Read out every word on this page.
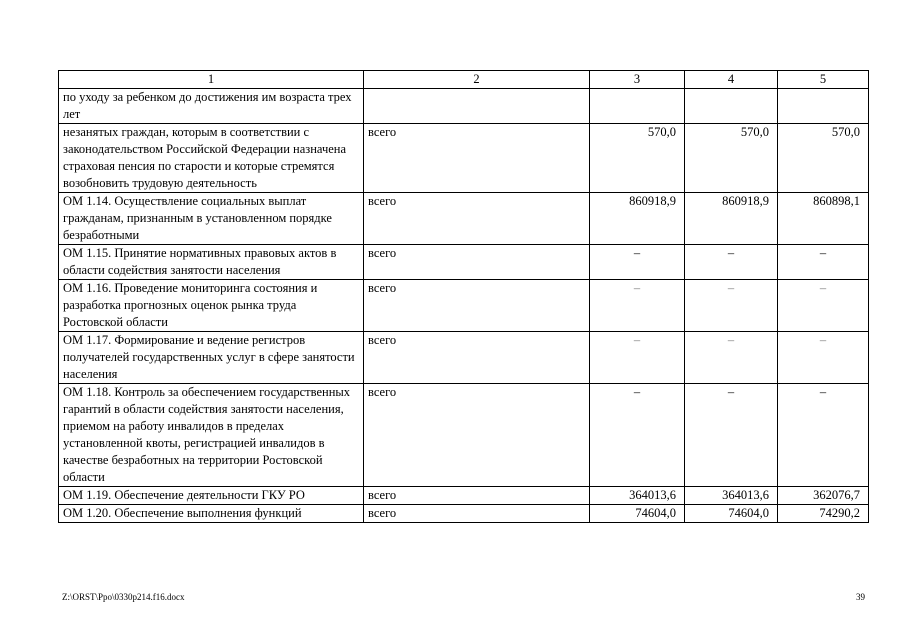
1	2	3	4	5
по уходу за ребенком до достижения им возраста трех лет				
незанятых граждан, которым в соответствии с законодательством Российской Федерации назначена страховая пенсия по старости и которые стремятся возобновить трудовую деятельность	всего	570,0	570,0	570,0
ОМ 1.14. Осуществление социальных выплат гражданам, признанным в установленном порядке безработными	всего	860918,9	860918,9	860898,1
ОМ 1.15. Принятие нормативных правовых актов в области содействия занятости населения	всего	–	–	–
ОМ 1.16. Проведение мониторинга состояния и разработка прогнозных оценок рынка труда Ростовской области	всего	–	–	–
ОМ 1.17. Формирование и ведение регистров получателей государственных услуг в сфере занятости населения	всего	–	–	–
ОМ 1.18. Контроль за обеспечением государственных гарантий в области содействия занятости населения, приемом на работу инвалидов в пределах установленной квоты, регистрацией инвалидов в качестве безработных на территории Ростовской области	всего	–	–	–
ОМ 1.19. Обеспечение деятельности ГКУ РО	всего	364013,6	364013,6	362076,7
ОМ 1.20. Обеспечение выполнения функций	всего	74604,0	74604,0	74290,2
Z:\ORST\Ppo\0330p214.f16.docx	39
